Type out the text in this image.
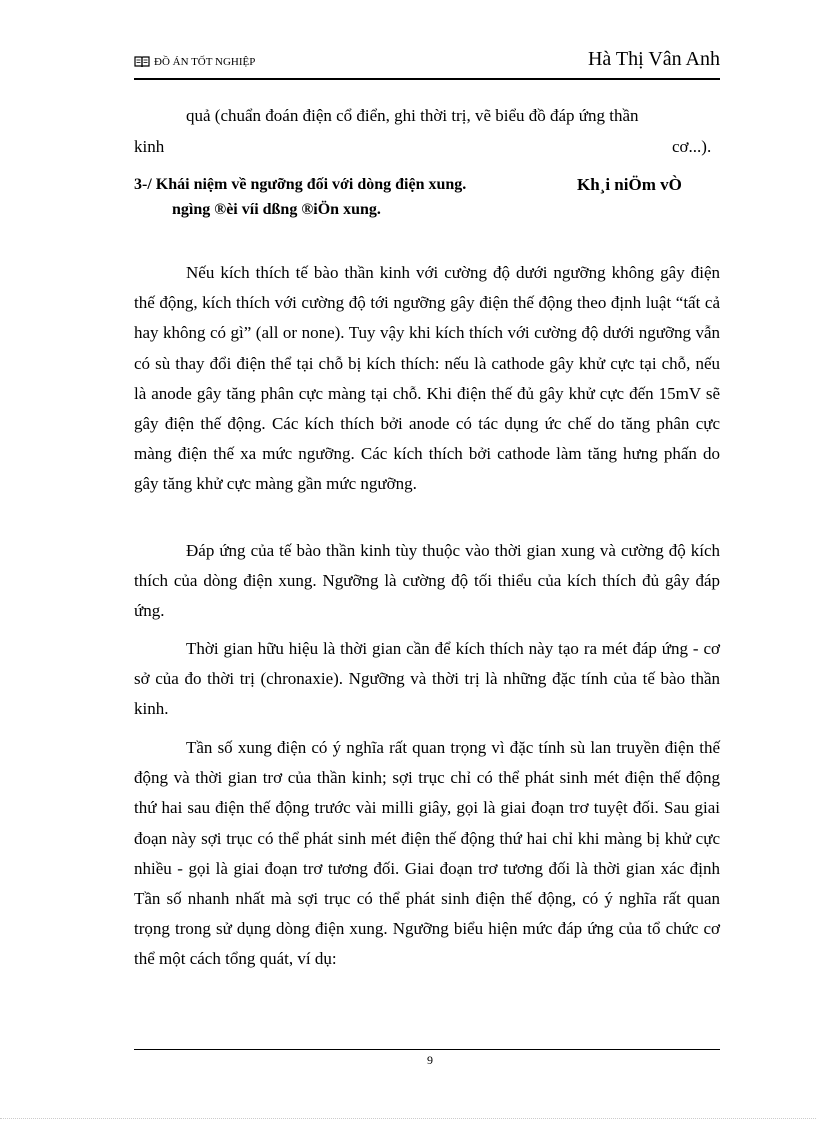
ĐỒ ÁN TỐT NGHIỆP	Hà Thị Vân Anh
quả (chuẩn đoán điện cổ điển, ghi thời trị, vẽ biểu đồ đáp ứng thần
kinh	cơ...).
3-/ Khái niệm về ngưỡng đối với dòng điện xung.	Kh¸i niÖm vÒ
ngìng ®èi víi dßng ®iÖn xung.

Nếu kích thích tế bào thần kinh với cường độ dưới ngưỡng không gây điện thế động, kích thích với cường độ tới ngưỡng gây điện thế động theo định luật “tất cả hay không có gì” (all or none). Tuy vậy khi kích thích với cường độ dưới ngưỡng vẫn có sù thay đổi điện thể tại chỗ bị kích thích: nếu là cathode gây khử cực tại chỗ, nếu là anode gây tăng phân cực màng tại chỗ. Khi điện thế đủ gây khử cực đến 15mV sẽ gây điện thế động. Các kích thích bởi anode có tác dụng ức chế do tăng phân cực màng điện thế xa mức ngưỡng. Các kích thích bởi cathode làm tăng hưng phấn do gây tăng khử cực màng gần mức ngưỡng.

Đáp ứng của tế bào thần kinh tùy thuộc vào thời gian xung và cường độ kích thích của dòng điện xung. Ngưỡng là cường độ tối thiểu của kích thích đủ gây đáp ứng.

Thời gian hữu hiệu là thời gian cần để kích thích này tạo ra mét đáp ứng - cơ sở của đo thời trị (chronaxie). Ngưỡng và thời trị là những đặc tính của tế bào thần kinh.

Tần số xung điện có ý nghĩa rất quan trọng vì đặc tính sù lan truyền điện thế động và thời gian trơ của thần kinh; sợi trục chỉ có thể phát sinh mét điện thế động thứ hai sau điện thế động trước vài milli giây, gọi là giai đoạn trơ tuyệt đối. Sau giai đoạn này sợi trục có thể phát sinh mét điện thế động thứ hai chỉ khi màng bị khử cực nhiều - gọi là giai đoạn trơ tương đối. Giai đoạn trơ tương đối là thời gian xác định Tần số nhanh nhất mà sợi trục có thể phát sinh điện thế động, có ý nghĩa rất quan trọng trong sử dụng dòng điện xung. Ngưỡng biểu hiện mức đáp ứng của tổ chức cơ thể một cách tổng quát, ví dụ:

9
